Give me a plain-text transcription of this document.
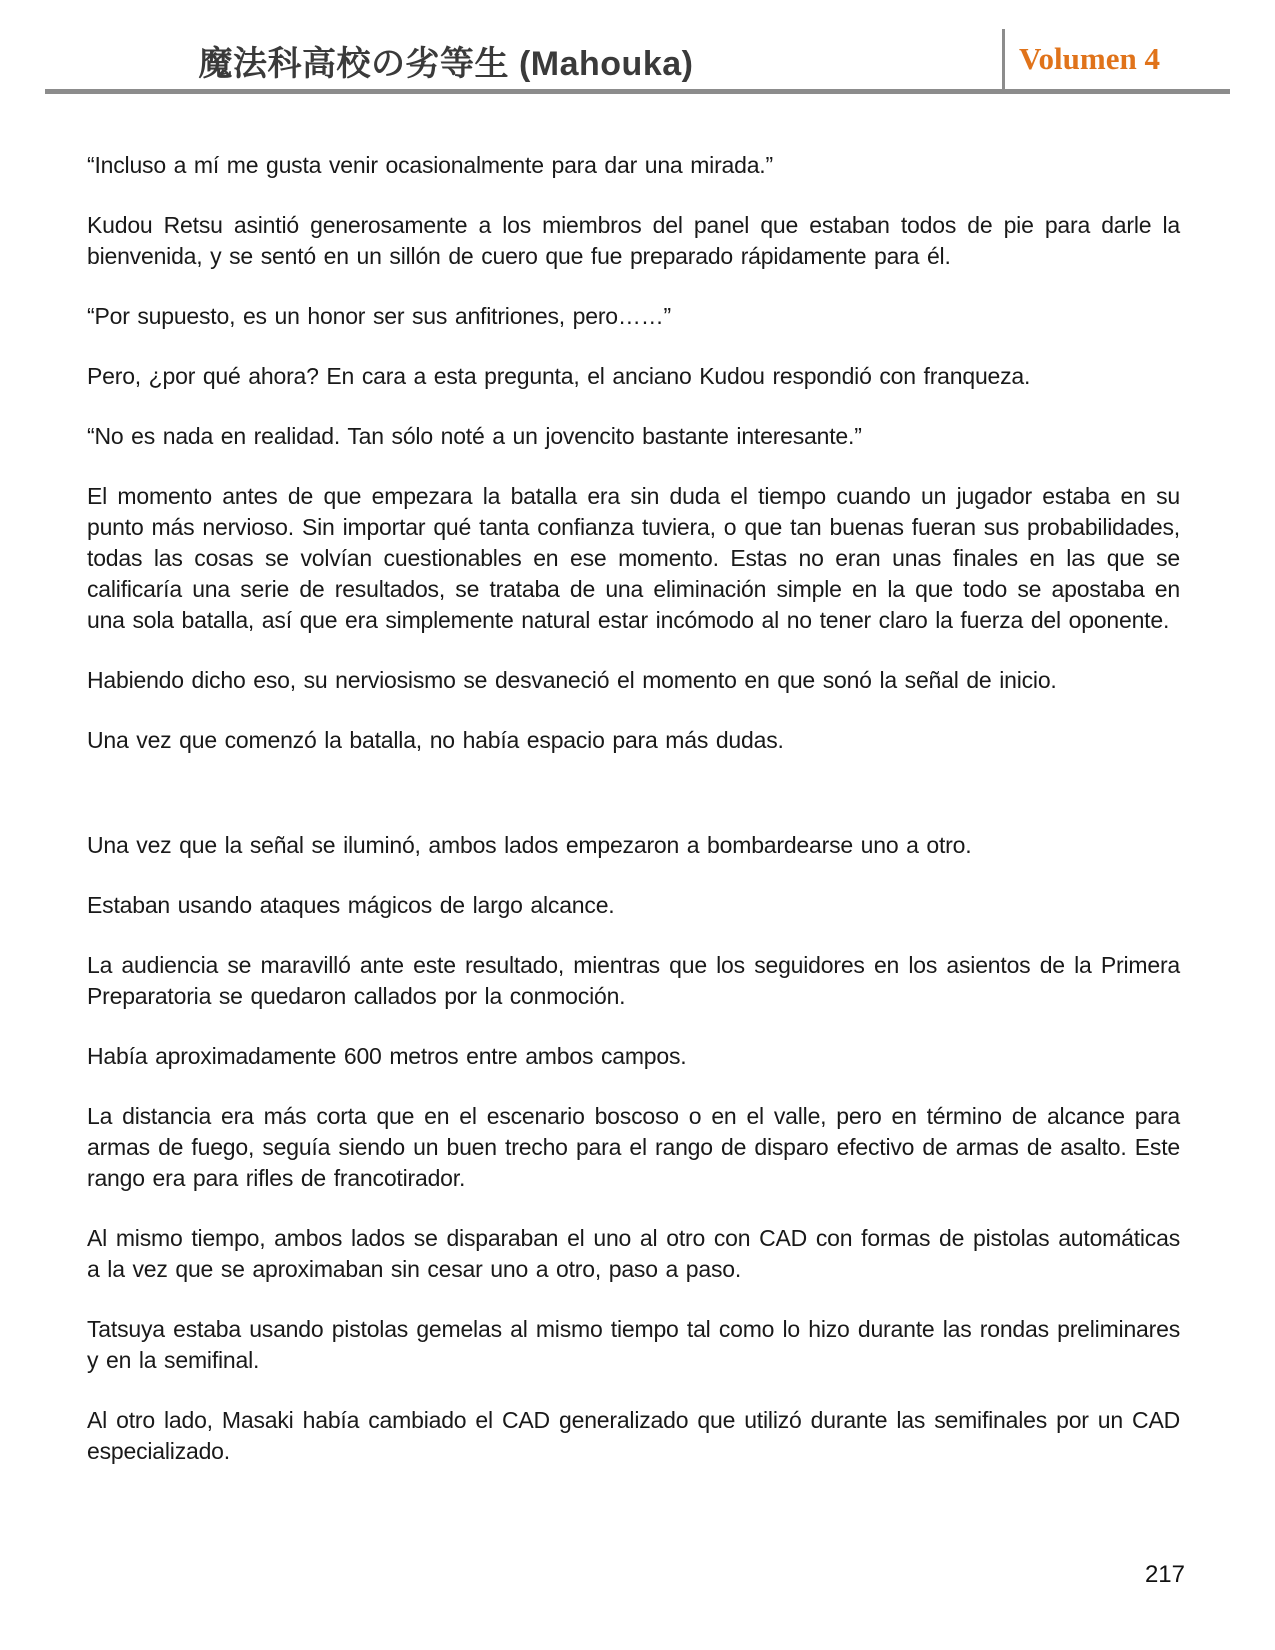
魔法科高校の劣等生 (Mahouka)	Volumen 4

“Incluso a mí me gusta venir ocasionalmente para dar una mirada.”

Kudou Retsu asintió generosamente a los miembros del panel que estaban todos de pie para darle la bienvenida, y se sentó en un sillón de cuero que fue preparado rápidamente para él.

“Por supuesto, es un honor ser sus anfitriones, pero……”

Pero, ¿por qué ahora? En cara a esta pregunta, el anciano Kudou respondió con franqueza.

“No es nada en realidad. Tan sólo noté a un jovencito bastante interesante.”

El momento antes de que empezara la batalla era sin duda el tiempo cuando un jugador estaba en su punto más nervioso. Sin importar qué tanta confianza tuviera, o que tan buenas fueran sus probabilidades, todas las cosas se volvían cuestionables en ese momento. Estas no eran unas finales en las que se calificaría una serie de resultados, se trataba de una eliminación simple en la que todo se apostaba en una sola batalla, así que era simplemente natural estar incómodo al no tener claro la fuerza del oponente.

Habiendo dicho eso, su nerviosismo se desvaneció el momento en que sonó la señal de inicio.

Una vez que comenzó la batalla, no había espacio para más dudas.

Una vez que la señal se iluminó, ambos lados empezaron a bombardearse uno a otro.

Estaban usando ataques mágicos de largo alcance.

La audiencia se maravilló ante este resultado, mientras que los seguidores en los asientos de la Primera Preparatoria se quedaron callados por la conmoción.

Había aproximadamente 600 metros entre ambos campos.

La distancia era más corta que en el escenario boscoso o en el valle, pero en término de alcance para armas de fuego, seguía siendo un buen trecho para el rango de disparo efectivo de armas de asalto. Este rango era para rifles de francotirador.

Al mismo tiempo, ambos lados se disparaban el uno al otro con CAD con formas de pistolas automáticas a la vez que se aproximaban sin cesar uno a otro, paso a paso.

Tatsuya estaba usando pistolas gemelas al mismo tiempo tal como lo hizo durante las rondas preliminares y en la semifinal.

Al otro lado, Masaki había cambiado el CAD generalizado que utilizó durante las semifinales por un CAD especializado.

217
